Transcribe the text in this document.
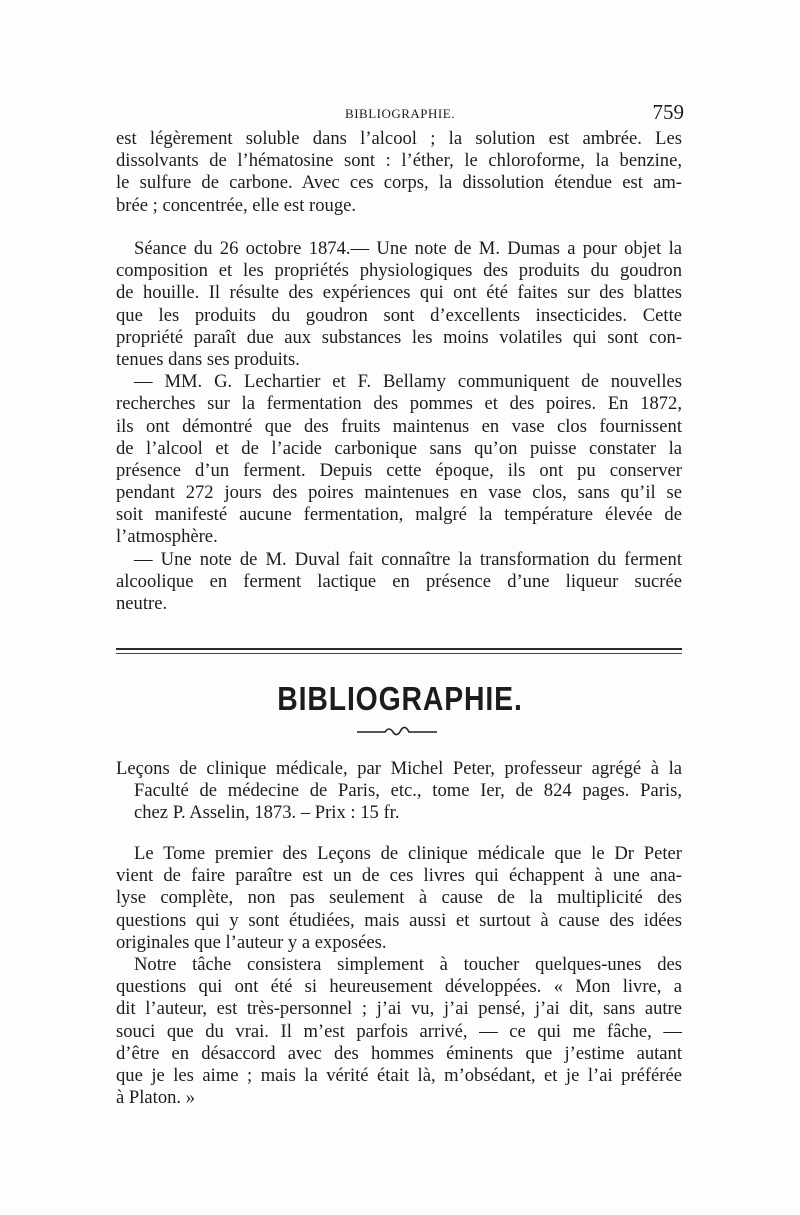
BIBLIOGRAPHIE.	759
est légèrement soluble dans l’alcool ; la solution est ambrée. Les
dissolvants de l’hématosine sont : l’éther, le chloroforme, la benzine,
le sulfure de carbone. Avec ces corps, la dissolution étendue est am-
brée ; concentrée, elle est rouge.
Séance du 26 octobre 1874.— Une note de M. Dumas a pour objet la
composition et les propriétés physiologiques des produits du goudron
de houille. Il résulte des expériences qui ont été faites sur des blattes
que les produits du goudron sont d’excellents insecticides. Cette
propriété paraît due aux substances les moins volatiles qui sont con-
tenues dans ses produits.
— MM. G. Lechartier et F. Bellamy communiquent de nouvelles
recherches sur la fermentation des pommes et des poires. En 1872,
ils ont démontré que des fruits maintenus en vase clos fournissent
de l’alcool et de l’acide carbonique sans qu’on puisse constater la
présence d’un ferment. Depuis cette époque, ils ont pu conserver
pendant 272 jours des poires maintenues en vase clos, sans qu’il se
soit manifesté aucune fermentation, malgré la température élevée de
l’atmosphère.
— Une note de M. Duval fait connaître la transformation du ferment
alcoolique en ferment lactique en présence d’une liqueur sucrée
neutre.
BIBLIOGRAPHIE.
Leçons de clinique médicale, par Michel Peter, professeur agrégé à la
Faculté de médecine de Paris, etc., tome Ier, de 824 pages. Paris,
chez P. Asselin, 1873. – Prix : 15 fr.
Le Tome premier des Leçons de clinique médicale que le Dr Peter
vient de faire paraître est un de ces livres qui échappent à une ana-
lyse complète, non pas seulement à cause de la multiplicité des
questions qui y sont étudiées, mais aussi et surtout à cause des idées
originales que l’auteur y a exposées.
Notre tâche consistera simplement à toucher quelques-unes des
questions qui ont été si heureusement développées. « Mon livre, a
dit l’auteur, est très-personnel ; j’ai vu, j’ai pensé, j’ai dit, sans autre
souci que du vrai. Il m’est parfois arrivé, — ce qui me fâche, —
d’être en désaccord avec des hommes éminents que j’estime autant
que je les aime ; mais la vérité était là, m’obsédant, et je l’ai préférée
à Platon. »
